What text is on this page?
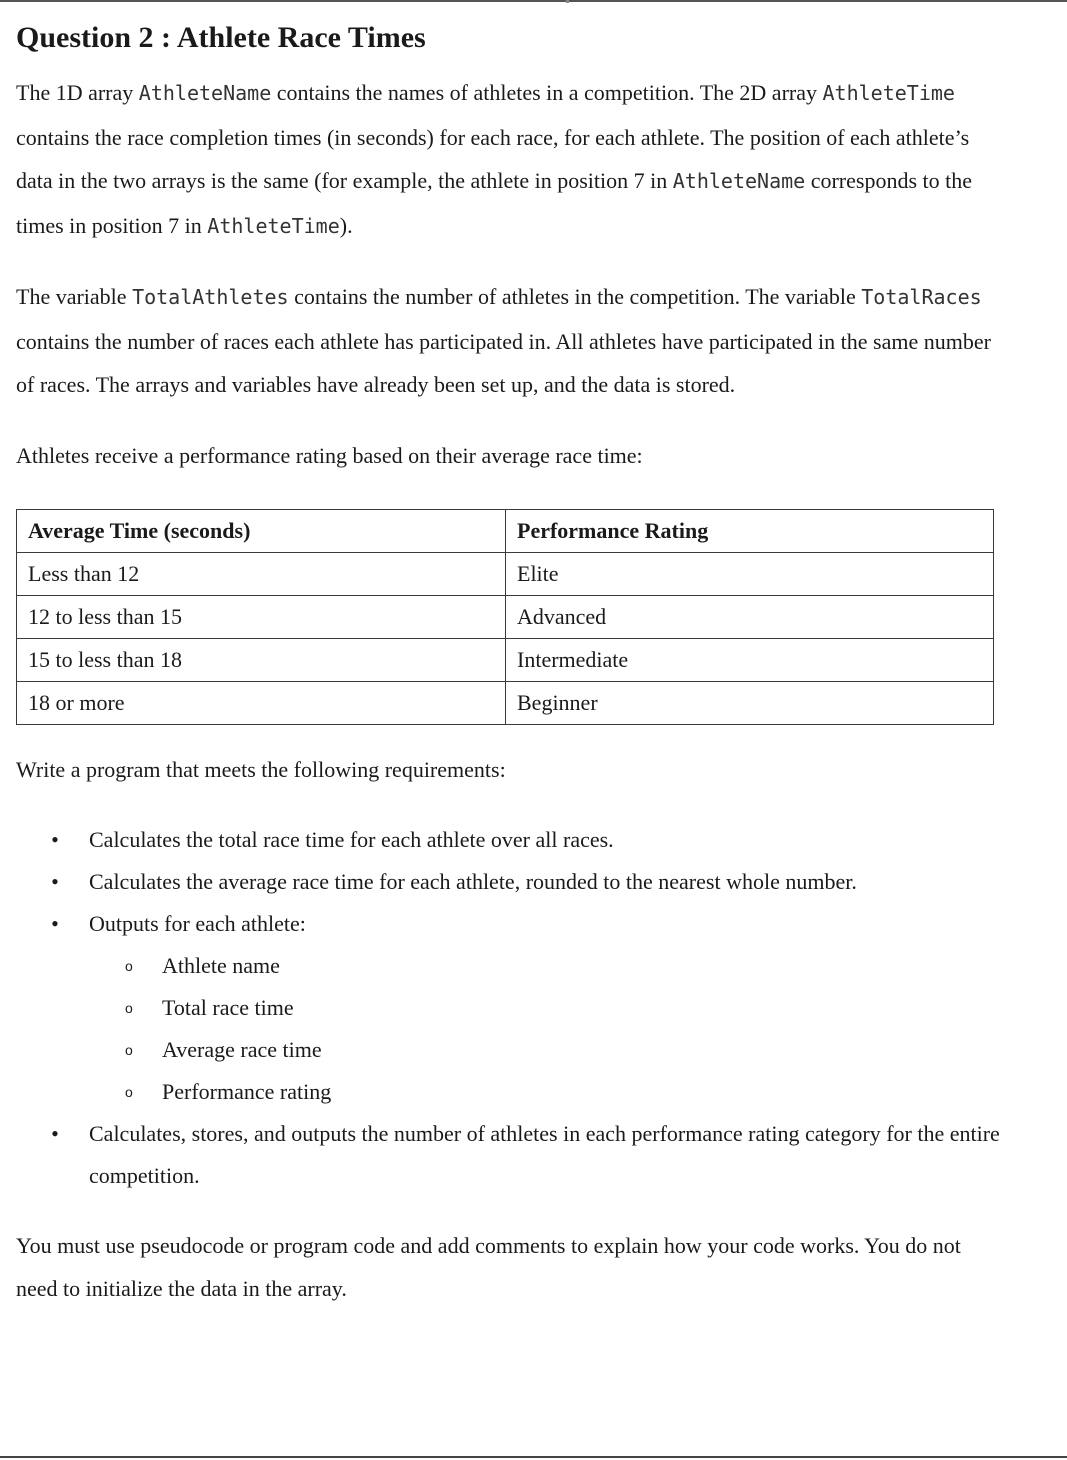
Question 2 : Athlete Race Times

The 1D array AthleteName contains the names of athletes in a competition. The 2D array AthleteTime contains the race completion times (in seconds) for each race, for each athlete. The position of each athlete’s data in the two arrays is the same (for example, the athlete in position 7 in AthleteName corresponds to the times in position 7 in AthleteTime).

The variable TotalAthletes contains the number of athletes in the competition. The variable TotalRaces contains the number of races each athlete has participated in. All athletes have participated in the same number of races. The arrays and variables have already been set up, and the data is stored.

Athletes receive a performance rating based on their average race time:

Average Time (seconds)	Performance Rating
Less than 12	Elite
12 to less than 15	Advanced
15 to less than 18	Intermediate
18 or more	Beginner

Write a program that meets the following requirements:

• Calculates the total race time for each athlete over all races.
• Calculates the average race time for each athlete, rounded to the nearest whole number.
• Outputs for each athlete:
o Athlete name
o Total race time
o Average race time
o Performance rating
• Calculates, stores, and outputs the number of athletes in each performance rating category for the entire competition.

You must use pseudocode or program code and add comments to explain how your code works. You do not need to initialize the data in the array.
